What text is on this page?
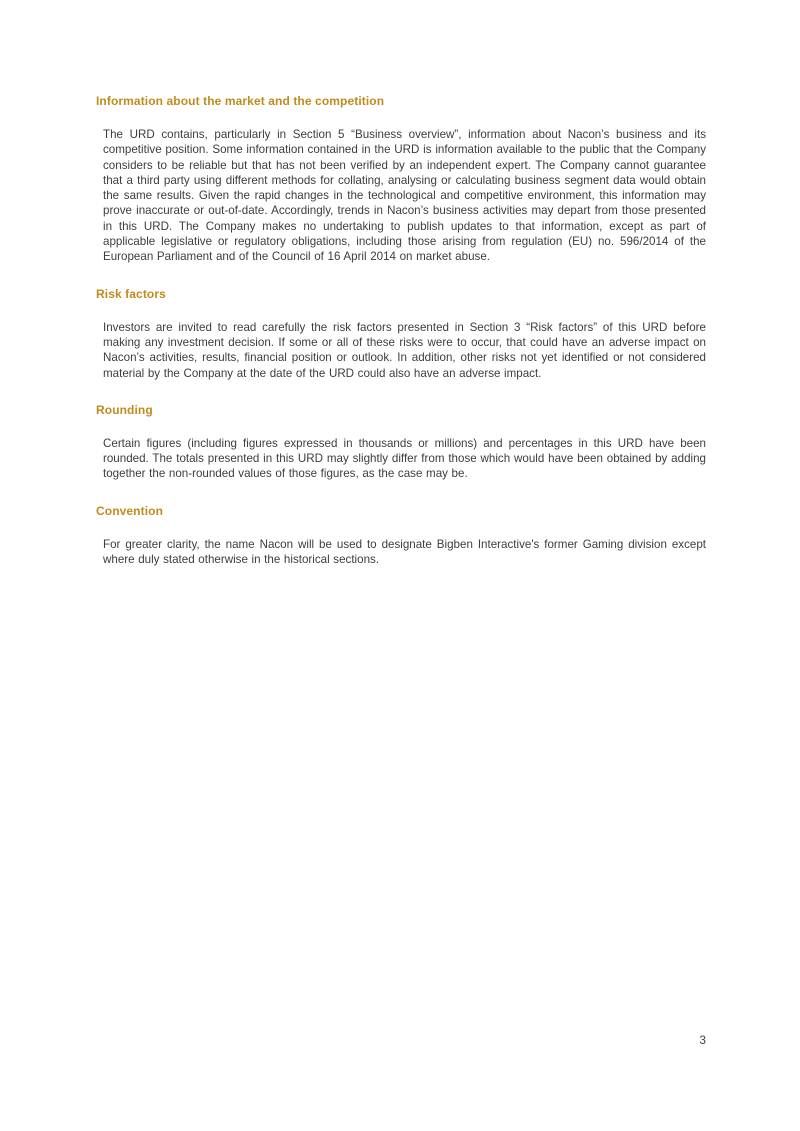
Information about the market and the competition

The URD contains, particularly in Section 5 “Business overview”, information about Nacon’s business and its competitive position. Some information contained in the URD is information available to the public that the Company considers to be reliable but that has not been verified by an independent expert. The Company cannot guarantee that a third party using different methods for collating, analysing or calculating business segment data would obtain the same results. Given the rapid changes in the technological and competitive environment, this information may prove inaccurate or out-of-date. Accordingly, trends in Nacon’s business activities may depart from those presented in this URD. The Company makes no undertaking to publish updates to that information, except as part of applicable legislative or regulatory obligations, including those arising from regulation (EU) no. 596/2014 of the European Parliament and of the Council of 16 April 2014 on market abuse.

Risk factors

Investors are invited to read carefully the risk factors presented in Section 3 “Risk factors” of this URD before making any investment decision. If some or all of these risks were to occur, that could have an adverse impact on Nacon’s activities, results, financial position or outlook. In addition, other risks not yet identified or not considered material by the Company at the date of the URD could also have an adverse impact.

Rounding

Certain figures (including figures expressed in thousands or millions) and percentages in this URD have been rounded. The totals presented in this URD may slightly differ from those which would have been obtained by adding together the non-rounded values of those figures, as the case may be.

Convention

For greater clarity, the name Nacon will be used to designate Bigben Interactive's former Gaming division except where duly stated otherwise in the historical sections.

3
